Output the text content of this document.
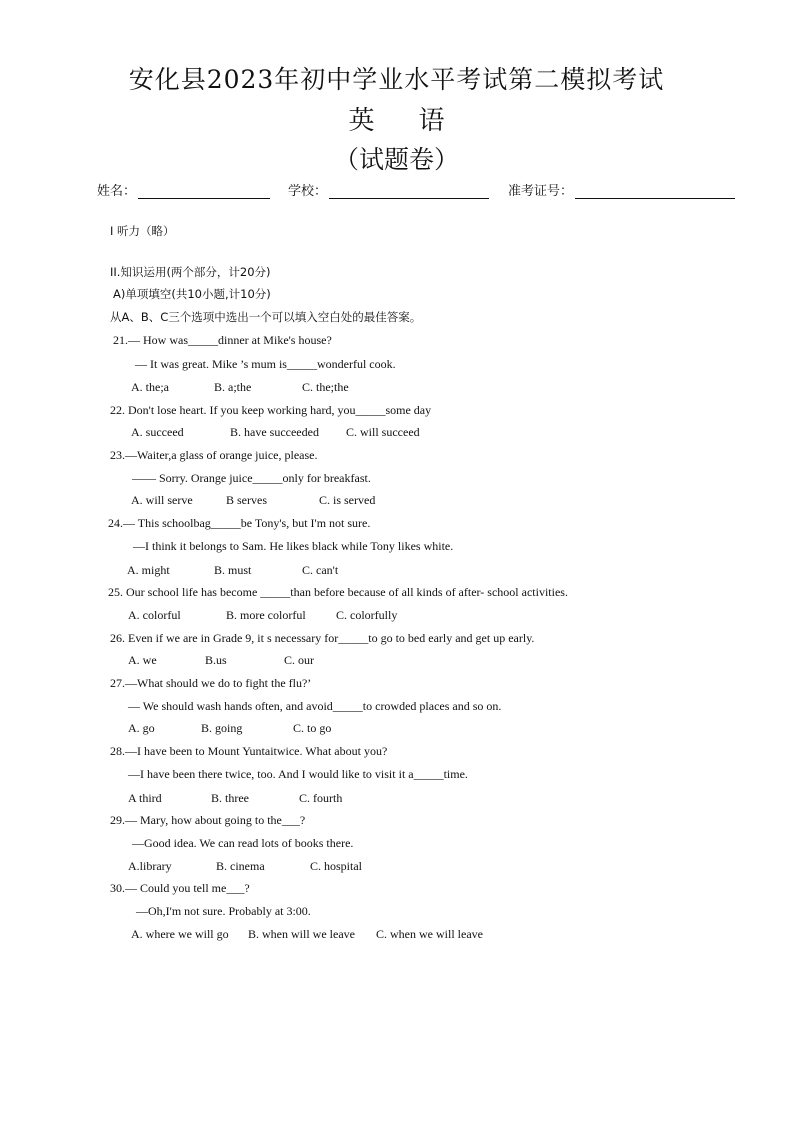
安化县2023年初中学业水平考试第二模拟考试
英 语
（试题卷）
姓名：	学校：	准考证号：
I 听力（略）
II.知识运用(两个部分，计20分)
A)单项填空(共10小题,计10分)
从A、B、C三个选项中选出一个可以填入空白处的最佳答案。
21.— How was_____dinner at Mike's house?
— It was great. Mike ’s mum is_____wonderful cook.
A. the;a	B. a;the	C. the;the
22. Don't lose heart. If you keep working hard, you_____some day
A. succeed	B. have succeeded C. will succeed
23.—Waiter,a glass of orange juice, please.
—— Sorry. Orange juice_____only for breakfast.
A. will serve	B serves	C. is served
24.— This schoolbag_____be Tony's, but I'm not sure.
—I think it belongs to Sam. He likes black while Tony likes white.
A. might	B. must	C. can't
25. Our school life has become _____than before because of all kinds of after- school activities.
A. colorful	B. more colorful	C. colorfully
26. Even if we are in Grade 9, it s necessary for_____to go to bed early and get up early.
A. we	B.us	C. our
27.—What should we do to fight the flu?’
— We should wash hands often, and avoid_____to crowded places and so on.
A. go	B. going	C. to go
28.—I have been to Mount Yuntaitwice. What about you?
—I have been there twice, too. And I would like to visit it a_____time.
A third	B. three	C. fourth
29.— Mary, how about going to the___?
—Good idea. We can read lots of books there.
A.library	B. cinema	C. hospital
30.— Could you tell me___?
—Oh,I'm not sure. Probably at 3:00.
A. where we will go B. when will we leave C. when we will leave
